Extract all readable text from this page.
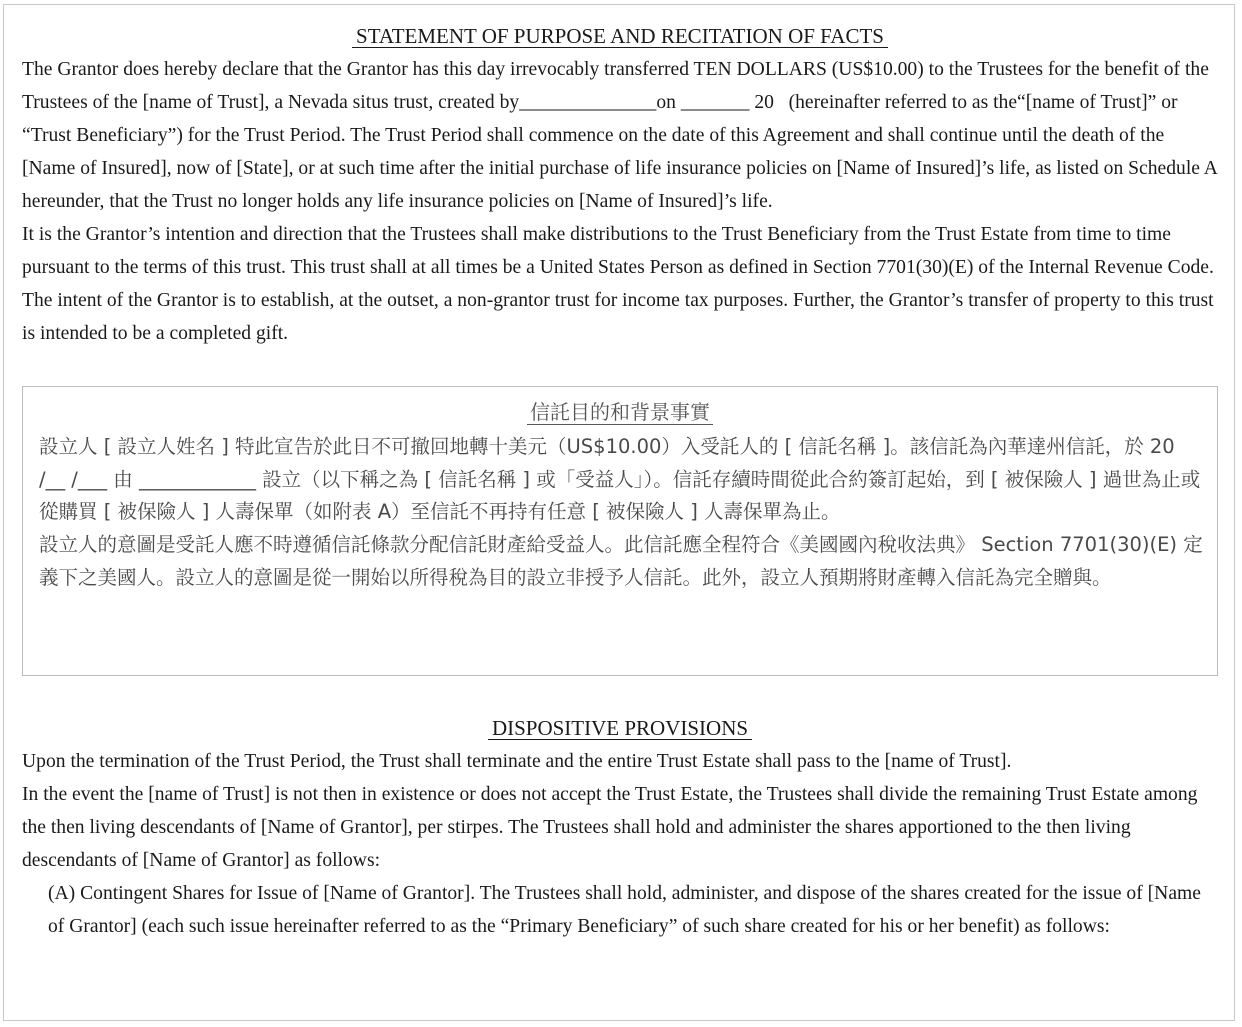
STATEMENT OF PURPOSE AND RECITATION OF FACTS

The Grantor does hereby declare that the Grantor has this day irrevocably transferred TEN DOLLARS (US$10.00) to the Trustees for the benefit of the Trustees of the [name of Trust], a Nevada situs trust, created by______________on _______ 20   (hereinafter referred to as the“[name of Trust]” or “Trust Beneficiary”) for the Trust Period. The Trust Period shall commence on the date of this Agreement and shall continue until the death of the [Name of Insured], now of [State], or at such time after the initial purchase of life insurance policies on [Name of Insured]’s life, as listed on Schedule A hereunder, that the Trust no longer holds any life insurance policies on [Name of Insured]’s life.

It is the Grantor’s intention and direction that the Trustees shall make distributions to the Trust Beneficiary from the Trust Estate from time to time pursuant to the terms of this trust. This trust shall at all times be a United States Person as defined in Section 7701(30)(E) of the Internal Revenue Code. The intent of the Grantor is to establish, at the outset, a non-grantor trust for income tax purposes. Further, the Grantor’s transfer of property to this trust is intended to be a completed gift.

信託目的和背景事實

設立人 [ 設立人姓名 ] 特此宣告於此日不可撤回地轉十美元（US$10.00）入受託人的 [ 信託名稱 ]。該信託為內華達州信託，於 20  /__ /___ 由 ____________ 設立（以下稱之為 [ 信託名稱 ] 或「受益人」）。信託存續時間從此合約簽訂起始，到 [ 被保險人 ] 過世為止或從購買 [ 被保險人 ] 人壽保單（如附表 A）至信託不再持有任意 [ 被保險人 ] 人壽保單為止。

設立人的意圖是受託人應不時遵循信託條款分配信託財產給受益人。此信託應全程符合《美國國內稅收法典》 Section 7701(30)(E) 定義下之美國人。設立人的意圖是從一開始以所得稅為目的設立非授予人信託。此外，設立人預期將財產轉入信託為完全贈與。

DISPOSITIVE PROVISIONS

Upon the termination of the Trust Period, the Trust shall terminate and the entire Trust Estate shall pass to the [name of Trust].

In the event the [name of Trust] is not then in existence or does not accept the Trust Estate, the Trustees shall divide the remaining Trust Estate among the then living descendants of [Name of Grantor], per stirpes. The Trustees shall hold and administer the shares apportioned to the then living descendants of [Name of Grantor] as follows:

(A) Contingent Shares for Issue of [Name of Grantor]. The Trustees shall hold, administer, and dispose of the shares created for the issue of [Name of Grantor] (each such issue hereinafter referred to as the “Primary Beneficiary” of such share created for his or her benefit) as follows:
